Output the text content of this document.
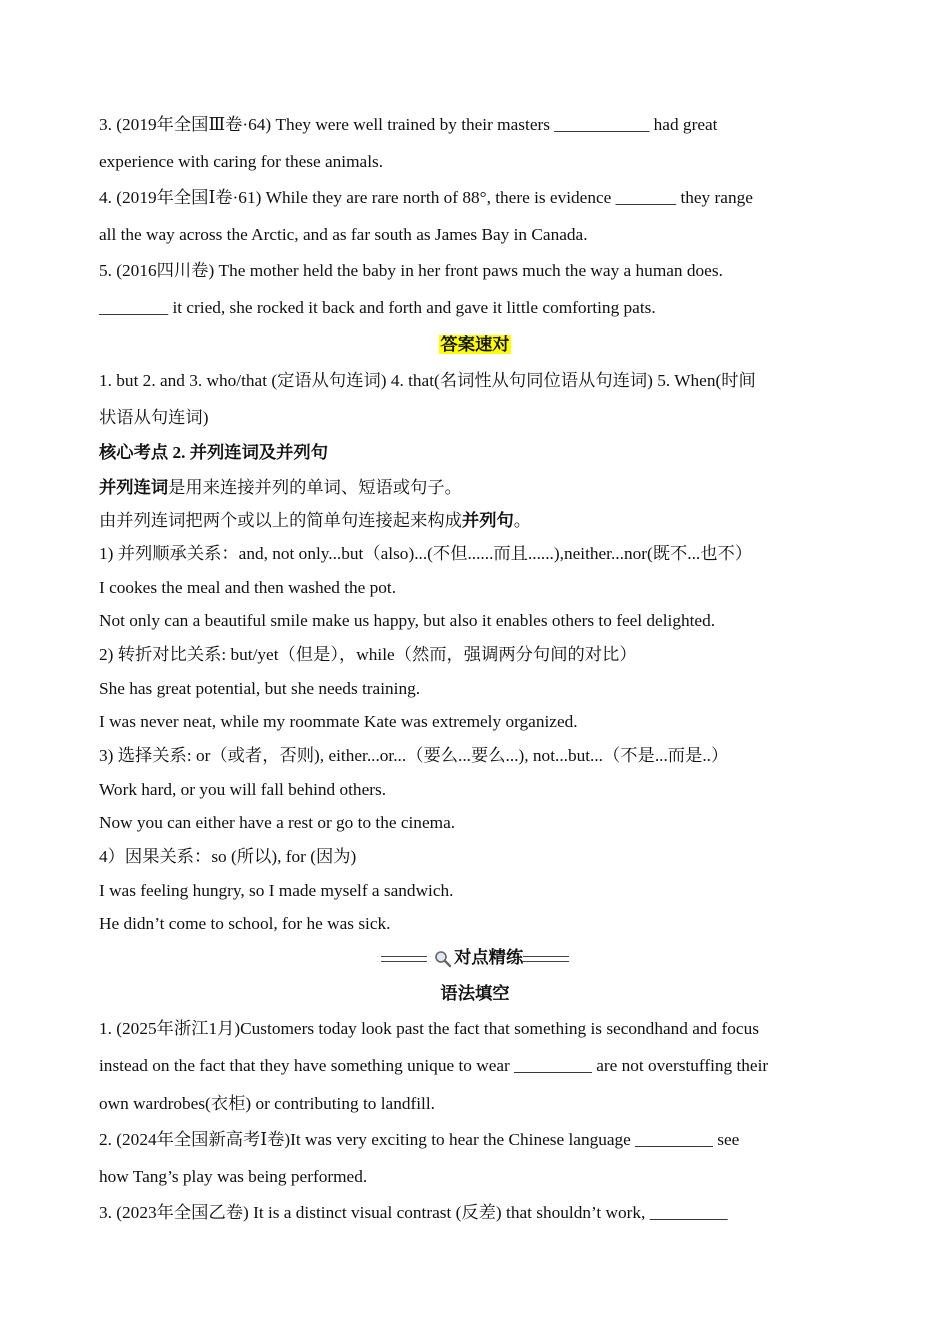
3. (2019年全国Ⅲ卷·64) They were well trained by their masters ___________ had great
experience with caring for these animals.
4. (2019年全国Ⅰ卷·61) While they are rare north of 88°, there is evidence _______ they range
all the way across the Arctic, and as far south as James Bay in Canada.
5. (2016四川卷) The mother held the baby in her front paws much the way a human does.
________ it cried, she rocked it back and forth and gave it little comforting pats.
答案速对
1. but 2. and 3. who/that (定语从句连词) 4. that(名词性从句同位语从句连词) 5. When(时间
状语从句连词)
核心考点 2. 并列连词及并列句
并列连词是用来连接并列的单词、短语或句子。
由并列连词把两个或以上的简单句连接起来构成并列句。
1) 并列顺承关系：and, not only...but（also)...(不但......而且......),neither...nor(既不...也不）
I cookes the meal and then washed the pot.
Not only can a beautiful smile make us happy, but also it enables others to feel delighted.
2) 转折对比关系: but/yet（但是），while（然而，强调两分句间的对比）
She has great potential, but she needs training.
I was never neat, while my roommate Kate was extremely organized.
3) 选择关系: or（或者，否则), either...or...（要么...要么...), not...but...（不是...而是..）
Work hard, or you will fall behind others.
Now you can either have a rest or go to the cinema.
4）因果关系：so (所以), for (因为)
I was feeling hungry, so I made myself a sandwich.
He didn’t come to school, for he was sick.
对点精练
语法填空
1. (2025年浙江1月)Customers today look past the fact that something is secondhand and focus
instead on the fact that they have something unique to wear _________ are not overstuffing their
own wardrobes(衣柜) or contributing to landfill.
2. (2024年全国新高考Ⅰ卷)It was very exciting to hear the Chinese language _________ see
how Tang’s play was being performed.
3. (2023年全国乙卷) It is a distinct visual contrast (反差) that shouldn’t work, _________
